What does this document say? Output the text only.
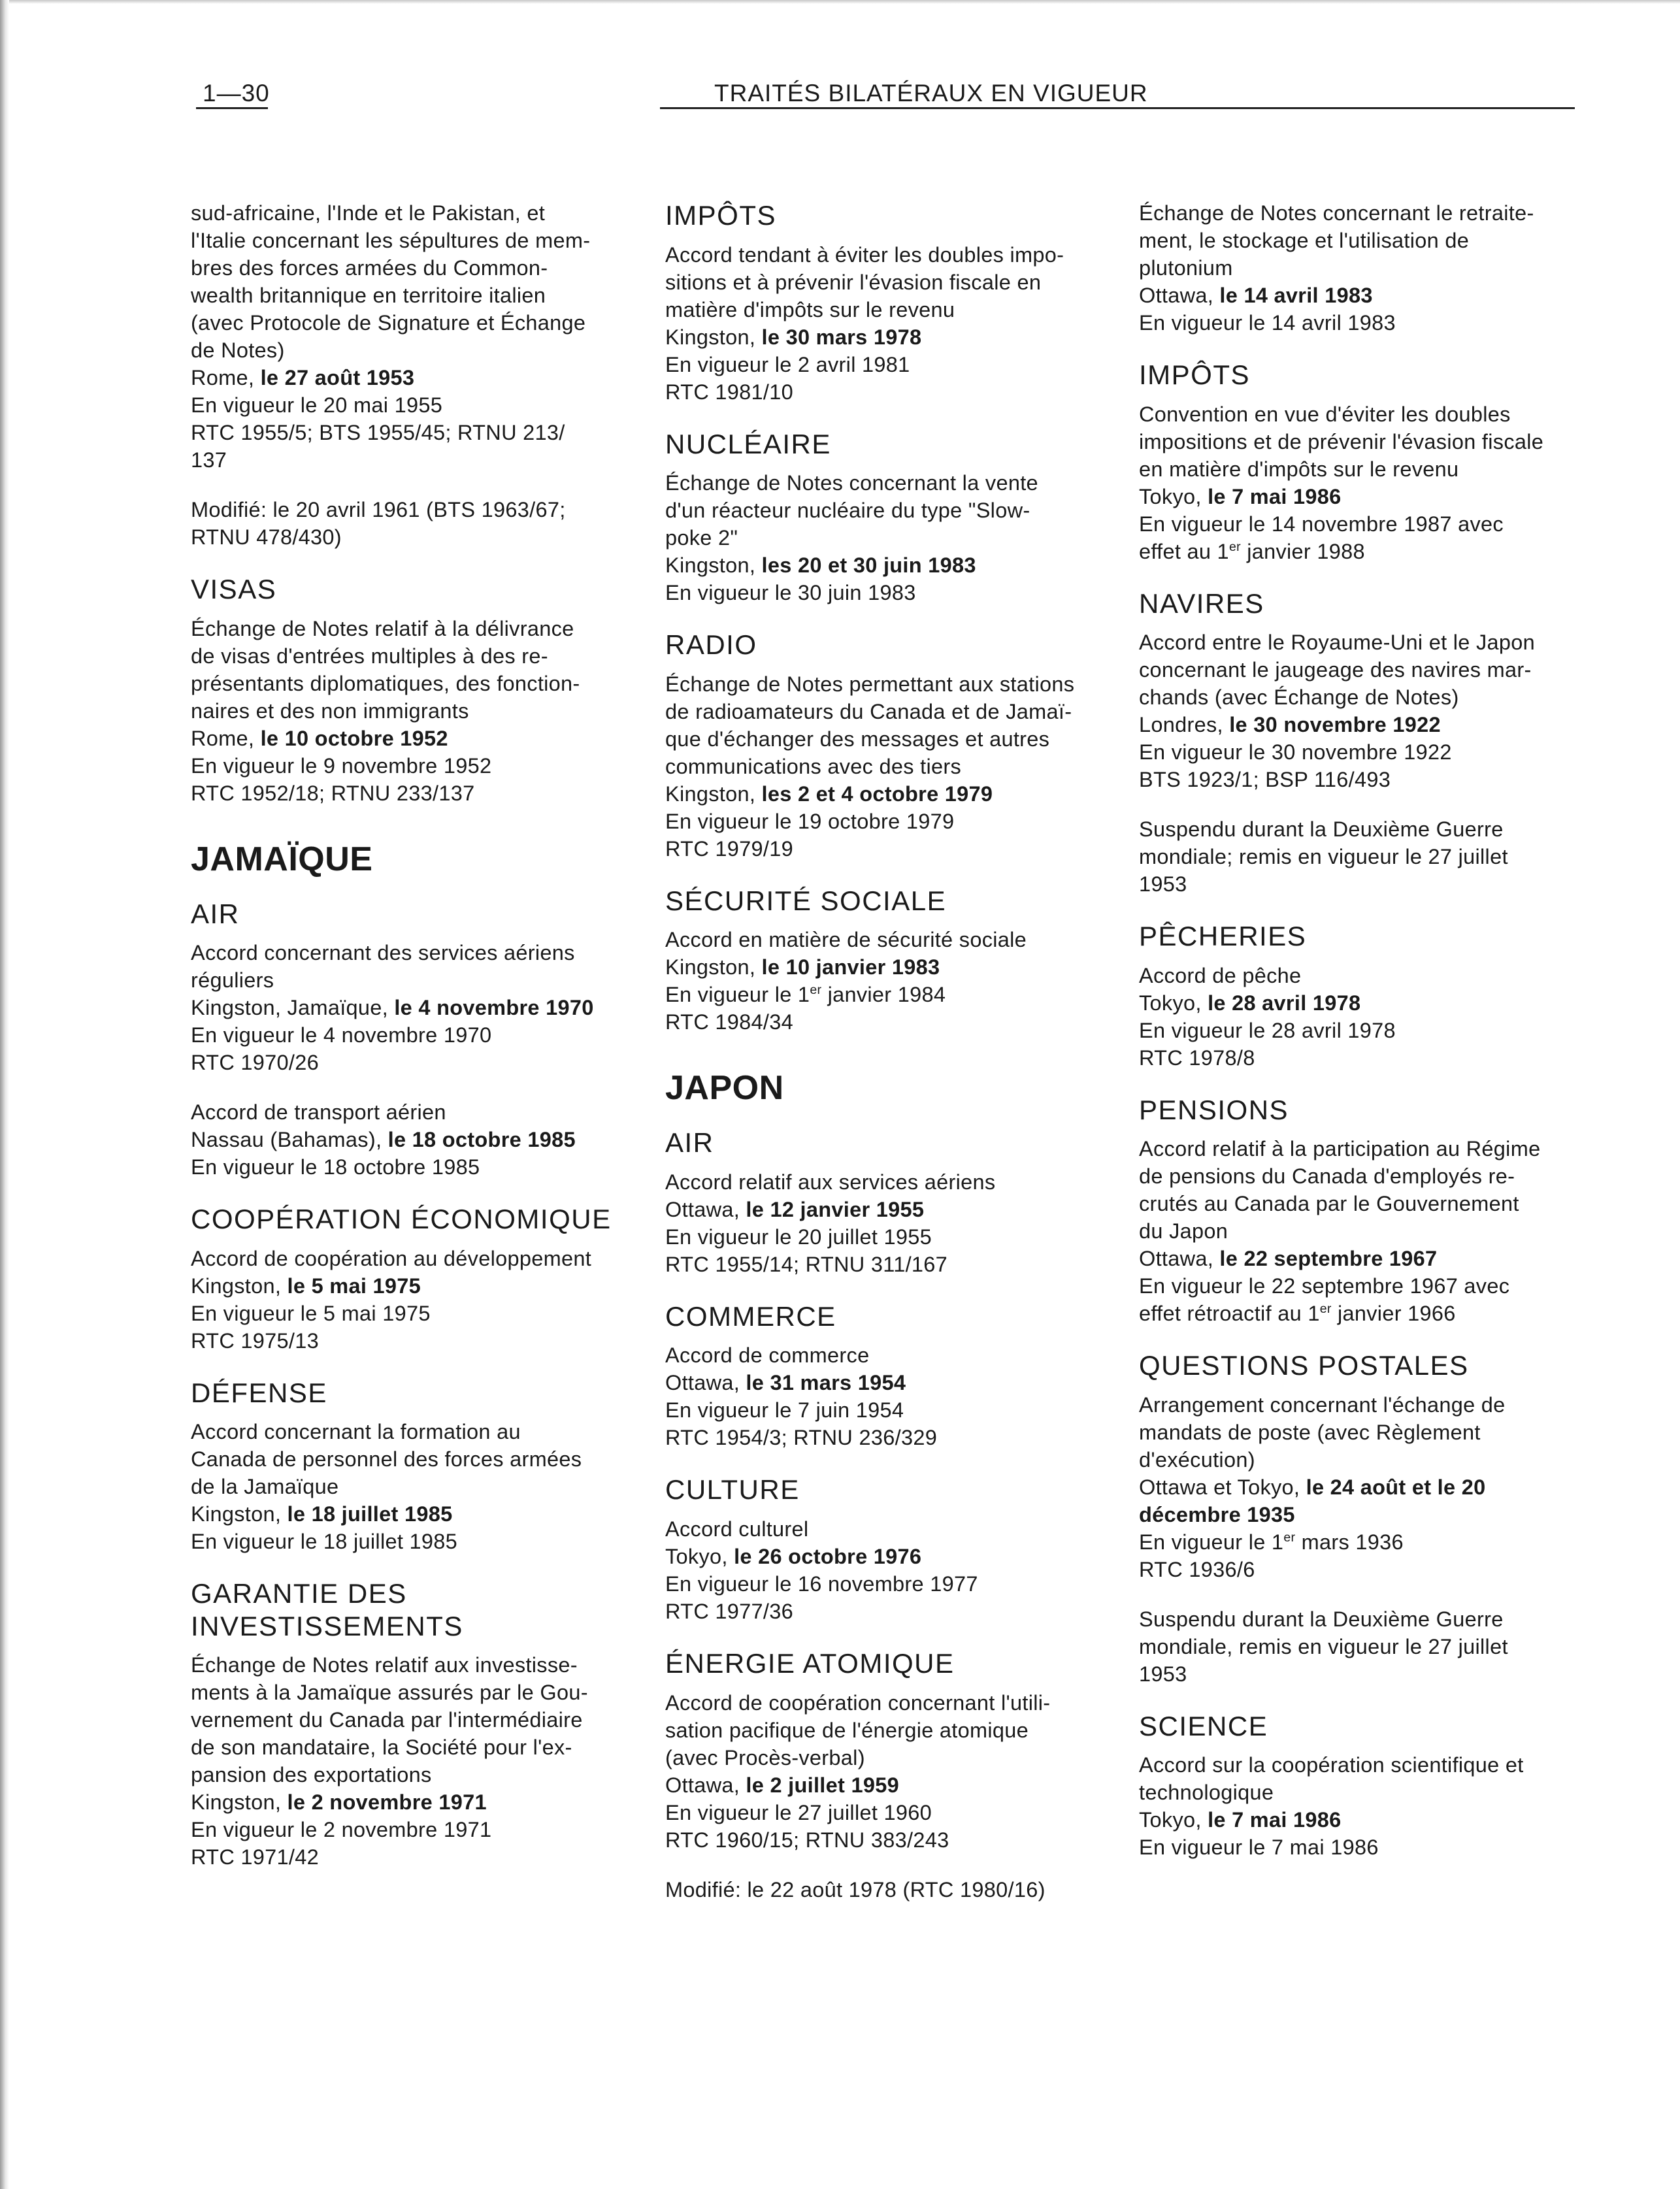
1—30	TRAITÉS BILATÉRAUX EN VIGUEUR
sud-africaine, l'Inde et le Pakistan, et
l'Italie concernant les sépultures de mem-
bres des forces armées du Common-
wealth britannique en territoire italien
(avec Protocole de Signature et Échange
de Notes)
Rome, le 27 août 1953
En vigueur le 20 mai 1955
RTC 1955/5; BTS 1955/45; RTNU 213/
137
Modifié: le 20 avril 1961 (BTS 1963/67;
RTNU 478/430)
VISAS
Échange de Notes relatif à la délivrance
de visas d'entrées multiples à des re-
présentants diplomatiques, des fonction-
naires et des non immigrants
Rome, le 10 octobre 1952
En vigueur le 9 novembre 1952
RTC 1952/18; RTNU 233/137
JAMAÏQUE
AIR
Accord concernant des services aériens
réguliers
Kingston, Jamaïque, le 4 novembre 1970
En vigueur le 4 novembre 1970
RTC 1970/26
Accord de transport aérien
Nassau (Bahamas), le 18 octobre 1985
En vigueur le 18 octobre 1985
COOPÉRATION ÉCONOMIQUE
Accord de coopération au développement
Kingston, le 5 mai 1975
En vigueur le 5 mai 1975
RTC 1975/13
DÉFENSE
Accord concernant la formation au
Canada de personnel des forces armées
de la Jamaïque
Kingston, le 18 juillet 1985
En vigueur le 18 juillet 1985
GARANTIE DES INVESTISSEMENTS
Échange de Notes relatif aux investisse-
ments à la Jamaïque assurés par le Gou-
vernement du Canada par l'intermédiaire
de son mandataire, la Société pour l'ex-
pansion des exportations
Kingston, le 2 novembre 1971
En vigueur le 2 novembre 1971
RTC 1971/42
IMPÔTS
Accord tendant à éviter les doubles impo-
sitions et à prévenir l'évasion fiscale en
matière d'impôts sur le revenu
Kingston, le 30 mars 1978
En vigueur le 2 avril 1981
RTC 1981/10
NUCLÉAIRE
Échange de Notes concernant la vente
d'un réacteur nucléaire du type "Slow-
poke 2"
Kingston, les 20 et 30 juin 1983
En vigueur le 30 juin 1983
RADIO
Échange de Notes permettant aux stations
de radioamateurs du Canada et de Jamaï-
que d'échanger des messages et autres
communications avec des tiers
Kingston, les 2 et 4 octobre 1979
En vigueur le 19 octobre 1979
RTC 1979/19
SÉCURITÉ SOCIALE
Accord en matière de sécurité sociale
Kingston, le 10 janvier 1983
En vigueur le 1er janvier 1984
RTC 1984/34
JAPON
AIR
Accord relatif aux services aériens
Ottawa, le 12 janvier 1955
En vigueur le 20 juillet 1955
RTC 1955/14; RTNU 311/167
COMMERCE
Accord de commerce
Ottawa, le 31 mars 1954
En vigueur le 7 juin 1954
RTC 1954/3; RTNU 236/329
CULTURE
Accord culturel
Tokyo, le 26 octobre 1976
En vigueur le 16 novembre 1977
RTC 1977/36
ÉNERGIE ATOMIQUE
Accord de coopération concernant l'utili-
sation pacifique de l'énergie atomique
(avec Procès-verbal)
Ottawa, le 2 juillet 1959
En vigueur le 27 juillet 1960
RTC 1960/15; RTNU 383/243
Modifié: le 22 août 1978 (RTC 1980/16)
Échange de Notes concernant le retraite-
ment, le stockage et l'utilisation de
plutonium
Ottawa, le 14 avril 1983
En vigueur le 14 avril 1983
IMPÔTS
Convention en vue d'éviter les doubles
impositions et de prévenir l'évasion fiscale
en matière d'impôts sur le revenu
Tokyo, le 7 mai 1986
En vigueur le 14 novembre 1987 avec
effet au 1er janvier 1988
NAVIRES
Accord entre le Royaume-Uni et le Japon
concernant le jaugeage des navires mar-
chands (avec Échange de Notes)
Londres, le 30 novembre 1922
En vigueur le 30 novembre 1922
BTS 1923/1; BSP 116/493
Suspendu durant la Deuxième Guerre
mondiale; remis en vigueur le 27 juillet
1953
PÊCHERIES
Accord de pêche
Tokyo, le 28 avril 1978
En vigueur le 28 avril 1978
RTC 1978/8
PENSIONS
Accord relatif à la participation au Régime
de pensions du Canada d'employés re-
crutés au Canada par le Gouvernement
du Japon
Ottawa, le 22 septembre 1967
En vigueur le 22 septembre 1967 avec
effet rétroactif au 1er janvier 1966
QUESTIONS POSTALES
Arrangement concernant l'échange de
mandats de poste (avec Règlement
d'exécution)
Ottawa et Tokyo, le 24 août et le 20
décembre 1935
En vigueur le 1er mars 1936
RTC 1936/6
Suspendu durant la Deuxième Guerre
mondiale, remis en vigueur le 27 juillet
1953
SCIENCE
Accord sur la coopération scientifique et
technologique
Tokyo, le 7 mai 1986
En vigueur le 7 mai 1986
